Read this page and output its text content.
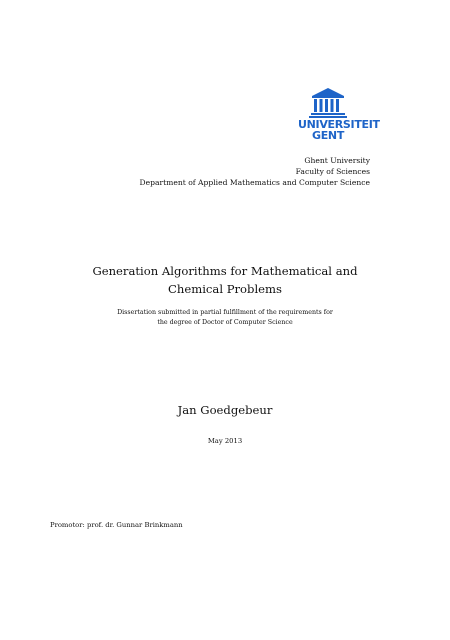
UNIVERSITEIT
GENT
Ghent University
Faculty of Sciences
Department of Applied Mathematics and Computer Science
Generation Algorithms for Mathematical and
Chemical Problems
Dissertation submitted in partial fulfillment of the requirements for
the degree of Doctor of Computer Science
Jan Goedgebeur
May 2013
Promotor: prof. dr. Gunnar Brinkmann
